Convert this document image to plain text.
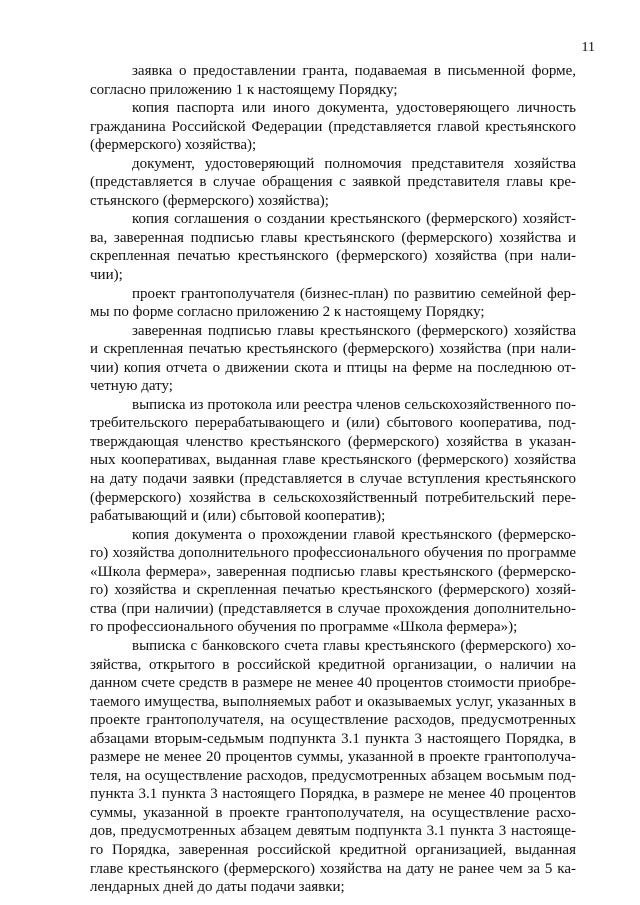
11
заявка о предоставлении гранта, подаваемая в письменной форме,
согласно приложению 1 к настоящему Порядку;
копия паспорта или иного документа, удостоверяющего личность
гражданина Российской Федерации (представляется главой крестьянского
(фермерского) хозяйства);
документ, удостоверяющий полномочия представителя хозяйства
(представляется в случае обращения с заявкой представителя главы кре-
стьянского (фермерского) хозяйства);
копия соглашения о создании крестьянского (фермерского) хозяйст-
ва, заверенная подписью главы крестьянского (фермерского) хозяйства и
скрепленная печатью крестьянского (фермерского) хозяйства (при нали-
чии);
проект грантополучателя (бизнес-план) по развитию семейной фер-
мы по форме согласно приложению 2 к настоящему Порядку;
заверенная подписью главы крестьянского (фермерского) хозяйства
и скрепленная печатью крестьянского (фермерского) хозяйства (при нали-
чии) копия отчета о движении скота и птицы на ферме на последнюю от-
четную дату;
выписка из протокола или реестра членов сельскохозяйственного по-
требительского перерабатывающего и (или) сбытового кооператива, под-
тверждающая членство крестьянского (фермерского) хозяйства в указан-
ных кооперативах, выданная главе крестьянского (фермерского) хозяйства
на дату подачи заявки (представляется в случае вступления крестьянского
(фермерского) хозяйства в сельскохозяйственный потребительский пере-
рабатывающий и (или) сбытовой кооператив);
копия документа о прохождении главой крестьянского (фермерско-
го) хозяйства дополнительного профессионального обучения по программе
«Школа фермера», заверенная подписью главы крестьянского (фермерско-
го) хозяйства и скрепленная печатью крестьянского (фермерского) хозяй-
ства (при наличии) (представляется в случае прохождения дополнительно-
го профессионального обучения по программе «Школа фермера»);
выписка с банковского счета главы крестьянского (фермерского) хо-
зяйства, открытого в российской кредитной организации, о наличии на
данном счете средств в размере не менее 40 процентов стоимости приобре-
таемого имущества, выполняемых работ и оказываемых услуг, указанных в
проекте грантополучателя, на осуществление расходов, предусмотренных
абзацами вторым-седьмым подпункта 3.1 пункта 3 настоящего Порядка, в
размере не менее 20 процентов суммы, указанной в проекте грантополуча-
теля, на осуществление расходов, предусмотренных абзацем восьмым под-
пункта 3.1 пункта 3 настоящего Порядка, в размере не менее 40 процентов
суммы, указанной в проекте грантополучателя, на осуществление расхо-
дов, предусмотренных абзацем девятым подпункта 3.1 пункта 3 настояще-
го Порядка, заверенная российской кредитной организацией, выданная
главе крестьянского (фермерского) хозяйства на дату не ранее чем за 5 ка-
лендарных дней до даты подачи заявки;
